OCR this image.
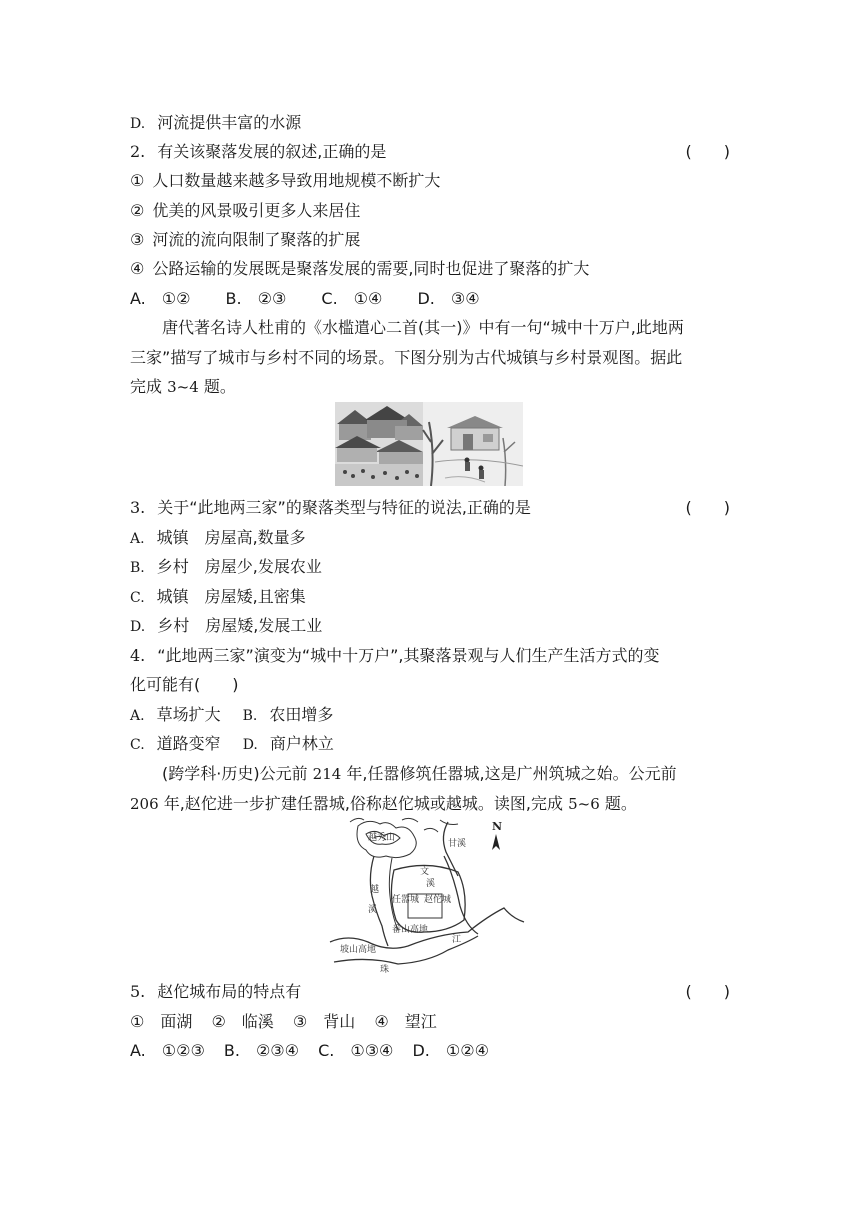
D. 河流提供丰富的水源
2. 有关该聚落发展的叙述,正确的是	(　　)
① 人口数量越来越多导致用地规模不断扩大
② 优美的风景吸引更多人来居住
③ 河流的流向限制了聚落的扩展
④ 公路运输的发展既是聚落发展的需要,同时也促进了聚落的扩大
A.　①② B.　②③ C.　①④ D.　③④
唐代著名诗人杜甫的《水槛遣心二首(其一)》中有一句“城中十万户,此地两
三家”描写了城市与乡村不同的场景。下图分别为古代城镇与乡村景观图。据此
完成 3~4 题。
3. 关于“此地两三家”的聚落类型与特征的说法,正确的是	(　　)
A. 城镇　房屋高,数量多
B. 乡村　房屋少,发展农业
C. 城镇　房屋矮,且密集
D. 乡村　房屋矮,发展工业
4. “此地两三家”演变为“城中十万户”,其聚落景观与人们生产生活方式的变
化可能有(　　)
A. 草场扩大 B. 农田增多
C. 道路变窄 D. 商户林立
(跨学科·历史)公元前 214 年,任嚣修筑任嚣城,这是广州筑城之始。公元前
206 年,赵佗进一步扩建任嚣城,俗称赵佗城或越城。读图,完成 5~6 题。
N
越秀山
甘溪
文
溪
越
溪
任嚣城 赵佗城
番山高地
坡山高地
江
珠
5. 赵佗城布局的特点有	(　　)
①　面湖 ②　临溪 ③　背山 ④　望江
A.　①②③ B.　②③④ C.　①③④ D.　①②④
